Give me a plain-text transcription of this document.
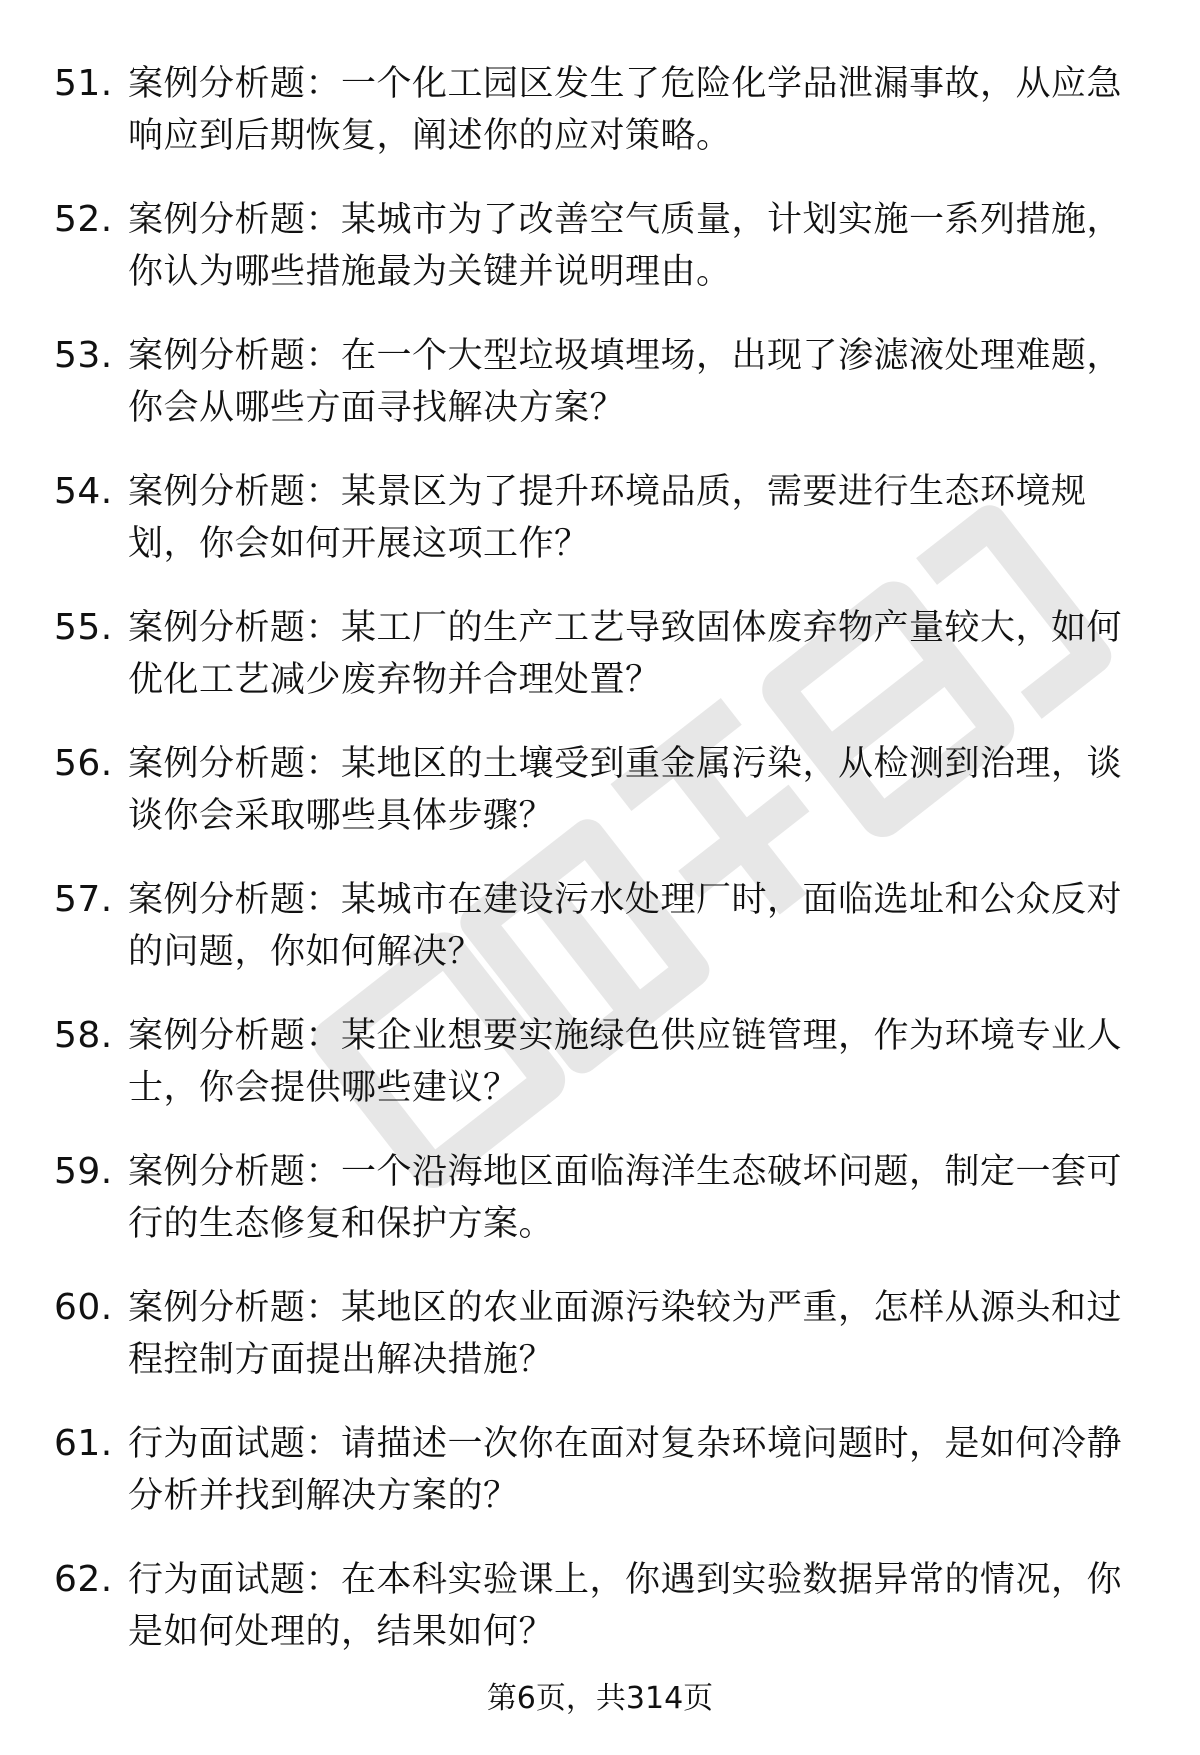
51. 案例分析题：一个化工园区发生了危险化学品泄漏事故，从应急响应到后期恢复，阐述你的应对策略。
52. 案例分析题：某城市为了改善空气质量，计划实施一系列措施，你认为哪些措施最为关键并说明理由。
53. 案例分析题：在一个大型垃圾填埋场，出现了渗滤液处理难题，你会从哪些方面寻找解决方案？
54. 案例分析题：某景区为了提升环境品质，需要进行生态环境规划，你会如何开展这项工作？
55. 案例分析题：某工厂的生产工艺导致固体废弃物产量较大，如何优化工艺减少废弃物并合理处置？
56. 案例分析题：某地区的土壤受到重金属污染，从检测到治理，谈谈你会采取哪些具体步骤？
57. 案例分析题：某城市在建设污水处理厂时，面临选址和公众反对的问题，你如何解决？
58. 案例分析题：某企业想要实施绿色供应链管理，作为环境专业人士，你会提供哪些建议？
59. 案例分析题：一个沿海地区面临海洋生态破坏问题，制定一套可行的生态修复和保护方案。
60. 案例分析题：某地区的农业面源污染较为严重，怎样从源头和过程控制方面提出解决措施？
61. 行为面试题：请描述一次你在面对复杂环境问题时，是如何冷静分析并找到解决方案的？
62. 行为面试题：在本科实验课上，你遇到实验数据异常的情况，你是如何处理的，结果如何？
第6页，共314页
